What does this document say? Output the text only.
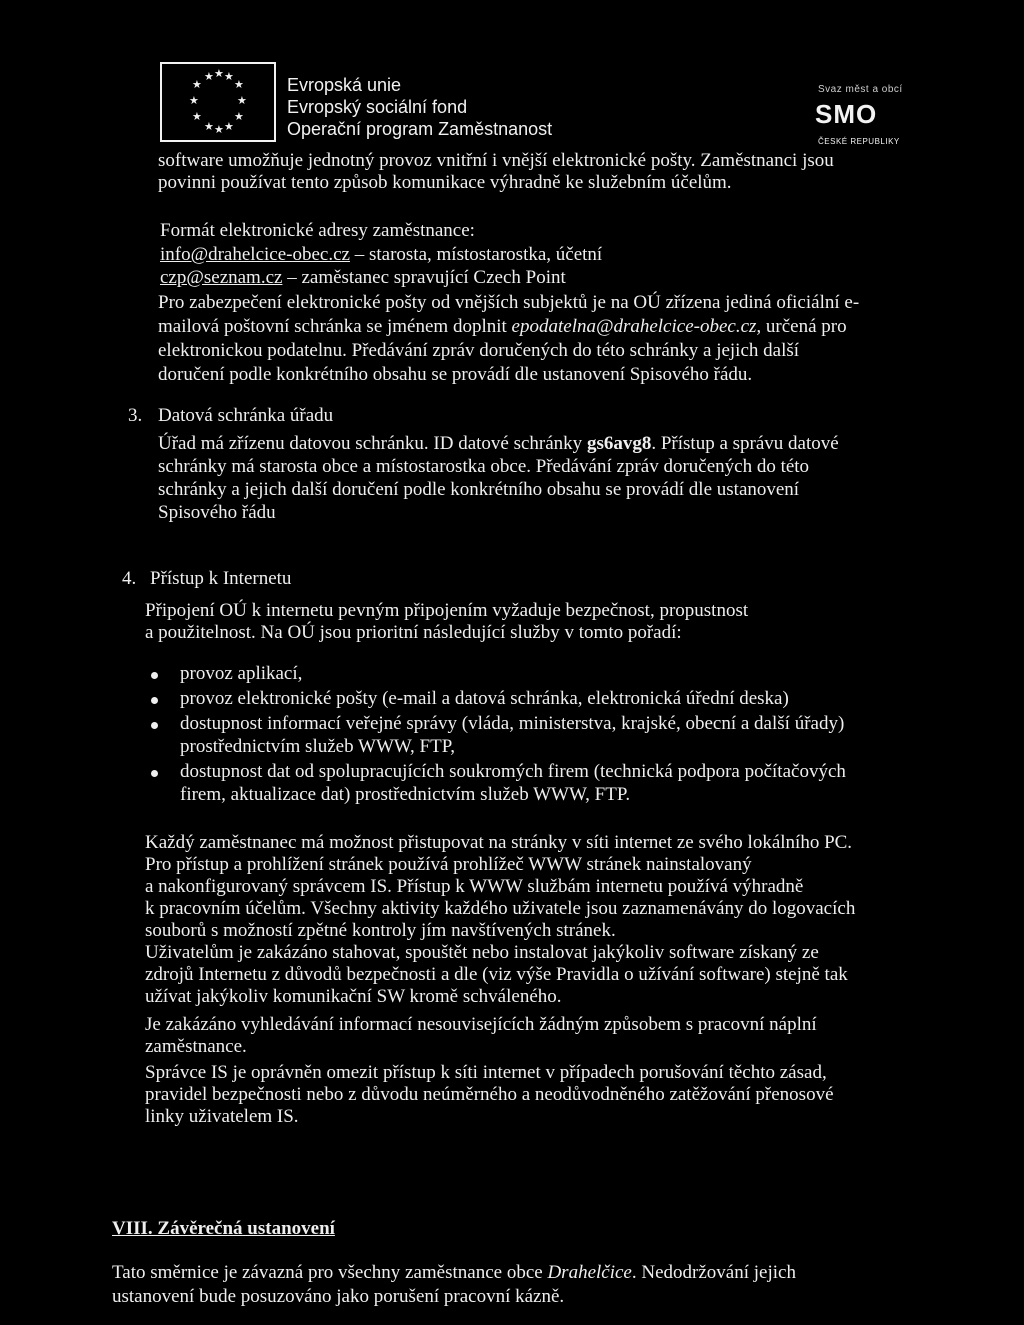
★ ★ ★
★	★
★	★
★	★
★ ★ ★
Evropská unie
Evropský sociální fond
Operační program Zaměstnanost
Svaz měst a obcí
SMO
ČESKÉ REPUBLIKY
software umožňuje jednotný provoz vnitřní i vnější elektronické pošty. Zaměstnanci jsou
povinni používat tento způsob komunikace výhradně ke služebním účelům.
Formát elektronické adresy zaměstnance:
info@drahelcice-obec.cz – starosta, místostarostka, účetní
czp@seznam.cz – zaměstanec spravující Czech Point
Pro zabezpečení elektronické pošty od vnějších subjektů je na OÚ zřízena jediná oficiální e-
mailová poštovní schránka se jménem doplnit epodatelna@drahelcice-obec.cz, určená pro
elektronickou podatelnu. Předávání zpráv doručených do této schránky a jejich další
doručení podle konkrétního obsahu se provádí dle ustanovení Spisového řádu.
3. Datová schránka úřadu
Úřad má zřízenu datovou schránku. ID datové schránky gs6avg8. Přístup a správu datové
schránky má starosta obce a místostarostka obce. Předávání zpráv doručených do této
schránky a jejich další doručení podle konkrétního obsahu se provádí dle ustanovení
Spisového řádu
4. Přístup k Internetu
Připojení OÚ k internetu pevným připojením vyžaduje bezpečnost, propustnost
a použitelnost. Na OÚ jsou prioritní následující služby v tomto pořadí:
provoz aplikací,
provoz elektronické pošty (e-mail a datová schránka, elektronická úřední deska)
dostupnost informací veřejné správy (vláda, ministerstva, krajské, obecní a další úřady)
prostřednictvím služeb WWW, FTP,
dostupnost dat od spolupracujících soukromých firem (technická podpora počítačových
firem, aktualizace dat) prostřednictvím služeb WWW, FTP.
Každý zaměstnanec má možnost přistupovat na stránky v síti internet ze svého lokálního PC.
Pro přístup a prohlížení stránek používá prohlížeč WWW stránek nainstalovaný
a nakonfigurovaný správcem IS. Přístup k WWW službám internetu používá výhradně
k pracovním účelům. Všechny aktivity každého uživatele jsou zaznamenávány do logovacích
souborů s možností zpětné kontroly jím navštívených stránek.
Uživatelům je zakázáno stahovat, spouštět nebo instalovat jakýkoliv software získaný ze
zdrojů Internetu z důvodů bezpečnosti a dle (viz výše Pravidla o užívání software) stejně tak
užívat jakýkoliv komunikační SW kromě schváleného.
Je zakázáno vyhledávání informací nesouvisejících žádným způsobem s pracovní náplní
zaměstnance.
Správce IS je oprávněn omezit přístup k síti internet v případech porušování těchto zásad,
pravidel bezpečnosti nebo z důvodu neúměrného a neodůvodněného zatěžování přenosové
linky uživatelem IS.
VIII. Závěrečná ustanovení
Tato směrnice je závazná pro všechny zaměstnance obce Drahelčice. Nedodržování jejich
ustanovení bude posuzováno jako porušení pracovní kázně.
